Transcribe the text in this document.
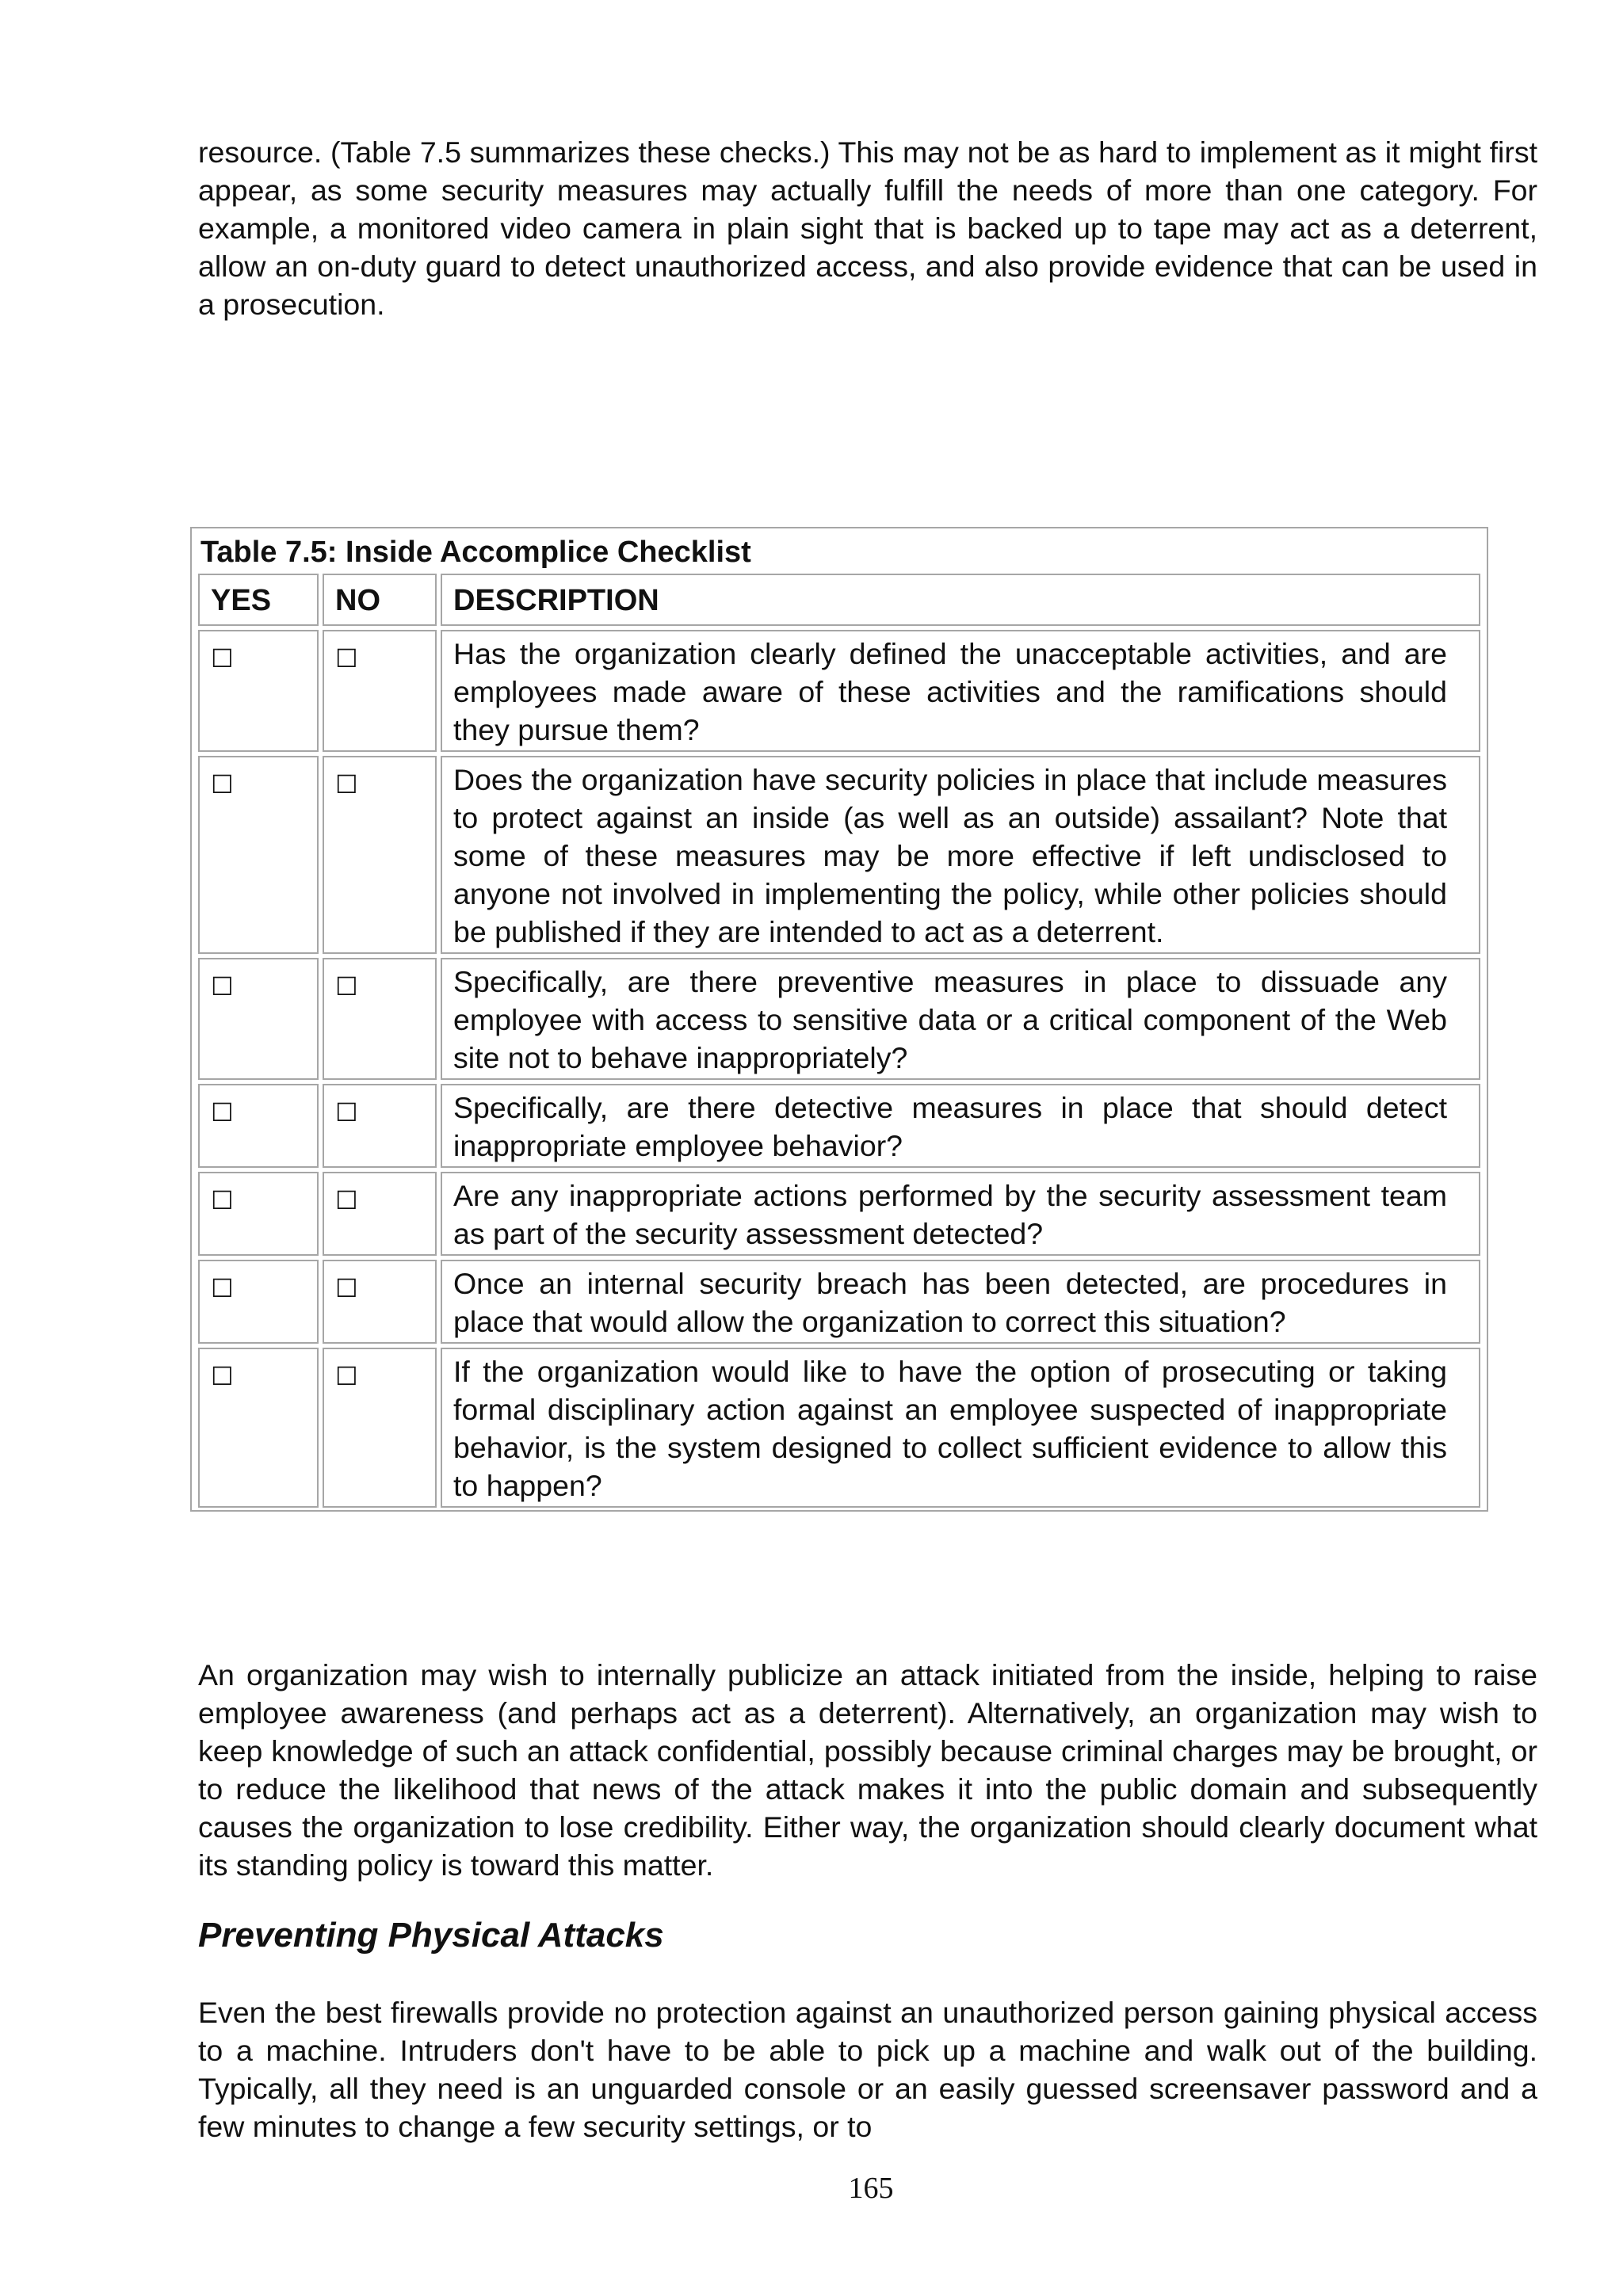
resource. (Table 7.5 summarizes these checks.) This may not be as hard to implement as it might first appear, as some security measures may actually fulfill the needs of more than one category. For example, a monitored video camera in plain sight that is backed up to tape may act as a deterrent, allow an on-duty guard to detect unauthorized access, and also provide evidence that can be used in a prosecution.

Table 7.5: Inside Accomplice Checklist
YES	NO	DESCRIPTION
☐	☐	Has the organization clearly defined the unacceptable activities, and are employees made aware of these activities and the ramifications should they pursue them?
☐	☐	Does the organization have security policies in place that include measures to protect against an inside (as well as an outside) assailant? Note that some of these measures may be more effective if left undisclosed to anyone not involved in implementing the policy, while other policies should be published if they are intended to act as a deterrent.
☐	☐	Specifically, are there preventive measures in place to dissuade any employee with access to sensitive data or a critical component of the Web site not to behave inappropriately?
☐	☐	Specifically, are there detective measures in place that should detect inappropriate employee behavior?
☐	☐	Are any inappropriate actions performed by the security assessment team as part of the security assessment detected?
☐	☐	Once an internal security breach has been detected, are procedures in place that would allow the organization to correct this situation?
☐	☐	If the organization would like to have the option of prosecuting or taking formal disciplinary action against an employee suspected of inappropriate behavior, is the system designed to collect sufficient evidence to allow this to happen?

An organization may wish to internally publicize an attack initiated from the inside, helping to raise employee awareness (and perhaps act as a deterrent). Alternatively, an organization may wish to keep knowledge of such an attack confidential, possibly because criminal charges may be brought, or to reduce the likelihood that news of the attack makes it into the public domain and subsequently causes the organization to lose credibility. Either way, the organization should clearly document what its standing policy is toward this matter.

Preventing Physical Attacks

Even the best firewalls provide no protection against an unauthorized person gaining physical access to a machine. Intruders don't have to be able to pick up a machine and walk out of the building. Typically, all they need is an unguarded console or an easily guessed screensaver password and a few minutes to change a few security settings, or to

165
